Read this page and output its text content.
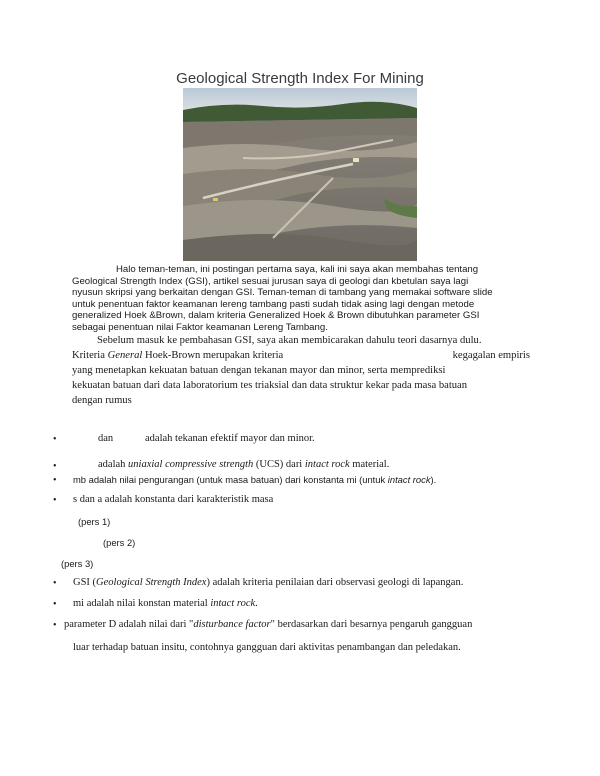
Geological Strength Index For Mining
Halo teman-teman, ini postingan pertama saya, kali ini saya akan membahas tentang
Geological Strength Index (GSI), artikel sesuai jurusan saya di geologi dan kbetulan saya lagi
nyusun skripsi yang berkaitan dengan GSI. Teman-teman di tambang yang memakai software slide
untuk penentuan faktor keamanan lereng tambang pasti sudah tidak asing lagi dengan metode
generalized Hoek &Brown, dalam kriteria Generalized Hoek & Brown dibutuhkan parameter GSI
sebagai penentuan nilai Faktor keamanan Lereng Tambang.
Sebelum masuk ke pembahasan GSI, saya akan membicarakan dahulu teori dasarnya dulu.
Kriteria General Hoek-Brown merupakan kriteria	kegagalan empiris
yang menetapkan kekuatan batuan dengan tekanan mayor dan minor, serta memprediksi
kekuatan batuan dari data laboratorium tes triaksial dan data struktur kekar pada masa batuan
dengan rumus
•	dan	adalah tekanan efektif mayor dan minor.
•	adalah uniaxial compressive strength (UCS) dari intact rock material.
• mb adalah nilai pengurangan (untuk masa batuan) dari konstanta mi (untuk intact rock).
• s dan a adalah konstanta dari karakteristik masa
(pers 1)
(pers 2)
(pers 3)
• GSI (Geological Strength Index) adalah kriteria penilaian dari observasi geologi di lapangan.
• mi adalah nilai konstan material intact rock.
• parameter D adalah nilai dari "disturbance factor" berdasarkan dari besarnya pengaruh gangguan
luar terhadap batuan insitu, contohnya gangguan dari aktivitas penambangan dan peledakan.
